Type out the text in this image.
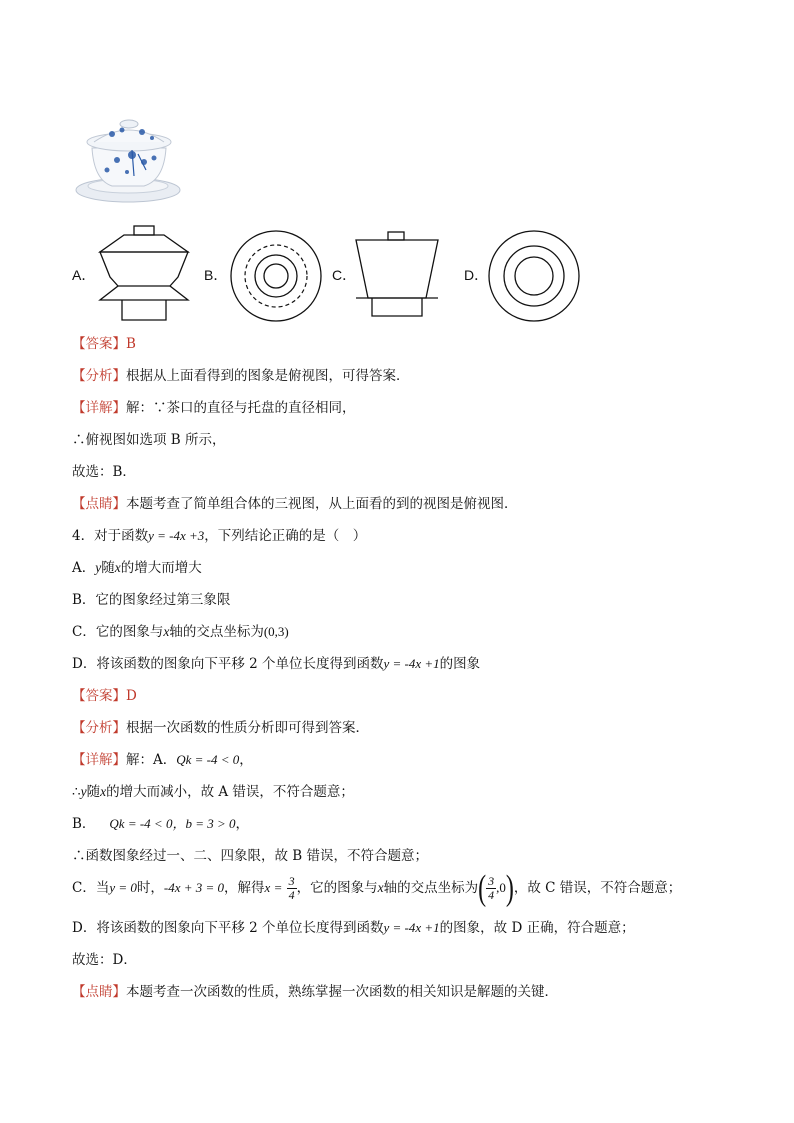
A．	B．	C．	D．
【答案】B
【分析】根据从上面看得到的图象是俯视图，可得答案．
【详解】解：∵茶口的直径与托盘的直径相同，
∴俯视图如选项 B 所示，
故选：B．
【点睛】本题考查了简单组合体的三视图，从上面看的到的视图是俯视图．
4．对于函数y = -4x +3，下列结论正确的是（　）
A．y随x的增大而增大
B．它的图象经过第三象限
C．它的图象与x轴的交点坐标为(0,3)
D．将该函数的图象向下平移 2 个单位长度得到函数y = -4x +1的图象
【答案】D
【分析】根据一次函数的性质分析即可得到答案．
【详解】解：A．Qk = -4 < 0，
∴y随x的增大而减小，故 A 错误，不符合题意；
B． Qk = -4 < 0，b = 3 > 0，
∴函数图象经过一、二、四象限，故 B 错误，不符合题意；
C．当y = 0时，-4x + 3 = 0，解得$x = \frac{3}{4}$ ，它的图象与x轴的交点坐标为( $\frac{3}{4} ,0$)，故 C 错误，不符合题意；
D．将该函数的图象向下平移 2 个单位长度得到函数y = -4x +1的图象，故 D 正确，符合题意；
故选：D．
【点睛】本题考查一次函数的性质，熟练掌握一次函数的相关知识是解题的关键．
